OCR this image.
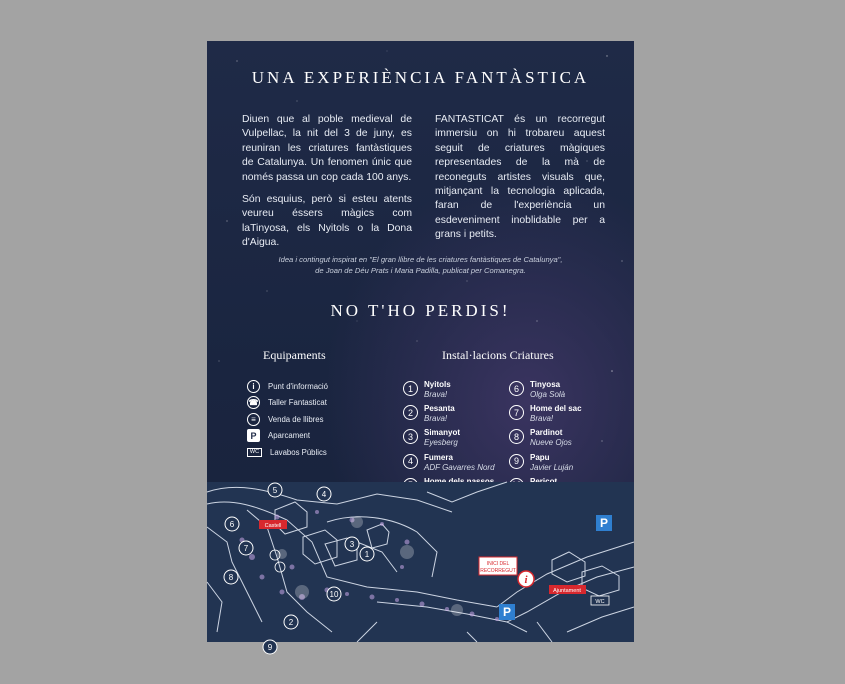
UNA EXPERIÈNCIA FANTÀSTICA

Diuen que al poble medieval de Vulpellac, la nit del 3 de juny, es reuniran les criatures fantàstiques de Catalunya. Un fenomen únic que només passa un cop cada 100 anys.

Són esquius, però si esteu atents veureu éssers màgics com laTinyosa, els Nyitols o la Dona d'Aigua.

FANTASTICAT és un recorregut immersiu on hi trobareu aquest seguit de criatures màgiques representades de la mà de reconeguts artistes visuals que, mitjançant la tecnologia aplicada, faran de l'experiència un esdeveniment inoblidable per a grans i petits.

Idea i contingut inspirat en "El gran llibre de les criatures fantàstiques de Catalunya",
de Joan de Déu Prats i Maria Padilla, publicat per Comanegra.
NO T'HO PERDIS!
Equipaments	Instal·lacions Criatures
i	Punt d'informació
☎ Taller Fantasticat
≡	Venda de llibres
P	Aparcament
WC	Lavabos Públics
1	Nyitols
Brava!
2	Pesanta
Brava!
3	Simanyot
Eyesberg
4	Fumera
ADF Gavarres Nord
6	Tinyosa
Olga Solà
7	Home del sac
Brava!
8	Pardinot
Nueve Ojos
9	Papu
Javier Luján
5
6
7
8
4
3
1
2
9
10
Castell
INICI DEL
RECORREGUT
i
Ajuntament
P
P
WC
